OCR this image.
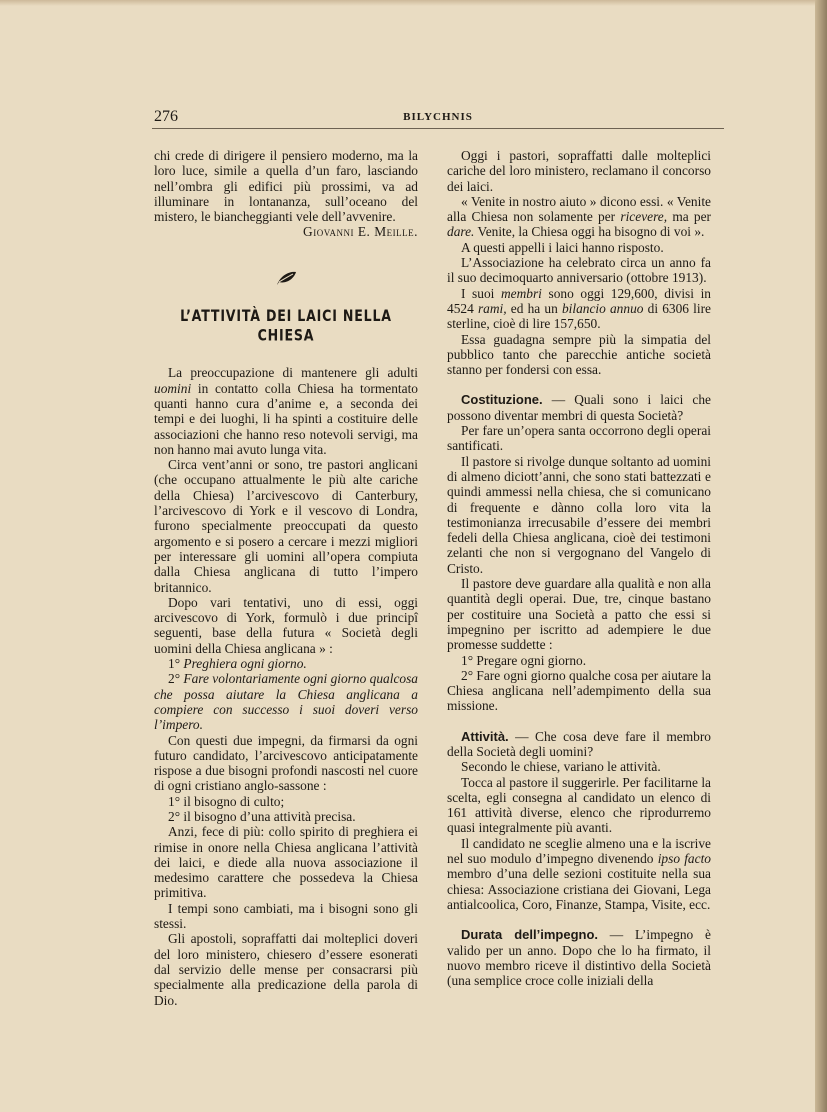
276	BILYCHNIS

chi crede di dirigere il pensiero moderno, ma la loro luce, simile a quella d’un faro, lasciando nell’ombra gli edifici più prossimi, va ad illuminare in lontananza, sull’oceano del mistero, le biancheggianti vele dell’avvenire.

Giovanni E. Meille.

L’ATTIVITÀ DEI LAICI NELLA CHIESA

La preoccupazione di mantenere gli adulti uomini in contatto colla Chiesa ha tormentato quanti hanno cura d’anime e, a seconda dei tempi e dei luoghi, li ha spinti a costituire delle associazioni che hanno reso notevoli servigi, ma non hanno mai avuto lunga vita.

Circa vent’anni or sono, tre pastori anglicani (che occupano attualmente le più alte cariche della Chiesa) l’arcivescovo di Canterbury, l’arcivescovo di York e il vescovo di Londra, furono specialmente preoccupati da questo argomento e si posero a cercare i mezzi migliori per interessare gli uomini all’opera compiuta dalla Chiesa anglicana di tutto l’impero britannico.

Dopo vari tentativi, uno di essi, oggi arcivescovo di York, formulò i due principî seguenti, base della futura « Società degli uomini della Chiesa anglicana » :

1° Preghiera ogni giorno.

2° Fare volontariamente ogni giorno qualcosa che possa aiutare la Chiesa anglicana a compiere con successo i suoi doveri verso l’impero.

Con questi due impegni, da firmarsi da ogni futuro candidato, l’arcivescovo anticipatamente rispose a due bisogni profondi nascosti nel cuore di ogni cristiano anglo-sassone :

1° il bisogno di culto;

2° il bisogno d’una attività precisa.

Anzi, fece di più: collo spirito di preghiera ei rimise in onore nella Chiesa anglicana l’attività dei laici, e diede alla nuova associazione il medesimo carattere che possedeva la Chiesa primitiva.

I tempi sono cambiati, ma i bisogni sono gli stessi.

Gli apostoli, sopraffatti dai molteplici doveri del loro ministero, chiesero d’essere esonerati dal servizio delle mense per consacrarsi più specialmente alla predicazione della parola di Dio.

Oggi i pastori, sopraffatti dalle molteplici cariche del loro ministero, reclamano il concorso dei laici.

« Venite in nostro aiuto » dicono essi. « Venite alla Chiesa non solamente per ricevere, ma per dare. Venite, la Chiesa oggi ha bisogno di voi ».

A questi appelli i laici hanno risposto.

L’Associazione ha celebrato circa un anno fa il suo decimoquarto anniversario (ottobre 1913).

I suoi membri sono oggi 129,600, divisi in 4524 rami, ed ha un bilancio annuo di 6306 lire sterline, cioè di lire 157,650.

Essa guadagna sempre più la simpatia del pubblico tanto che parecchie antiche società stanno per fondersi con essa.

Costituzione. — Quali sono i laici che possono diventar membri di questa Società?

Per fare un’opera santa occorrono degli operai santificati.

Il pastore si rivolge dunque soltanto ad uomini di almeno diciott’anni, che sono stati battezzati e quindi ammessi nella chiesa, che si comunicano di frequente e dànno colla loro vita la testimonianza irrecusabile d’essere dei membri fedeli della Chiesa anglicana, cioè dei testimoni zelanti che non si vergognano del Vangelo di Cristo.

Il pastore deve guardare alla qualità e non alla quantità degli operai. Due, tre, cinque bastano per costituire una Società a patto che essi si impegnino per iscritto ad adempiere le due promesse suddette :

1° Pregare ogni giorno.

2° Fare ogni giorno qualche cosa per aiutare la Chiesa anglicana nell’adempimento della sua missione.

Attività. — Che cosa deve fare il membro della Società degli uomini?

Secondo le chiese, variano le attività.

Tocca al pastore il suggerirle. Per facilitarne la scelta, egli consegna al candidato un elenco di 161 attività diverse, elenco che riprodurremo quasi integralmente più avanti.

Il candidato ne sceglie almeno una e la iscrive nel suo modulo d’impegno divenendo ipso facto membro d’una delle sezioni costituite nella sua chiesa: Associazione cristiana dei Giovani, Lega antialcoolica, Coro, Finanze, Stampa, Visite, ecc.

Durata dell’impegno. — L’impegno è valido per un anno. Dopo che lo ha firmato, il nuovo membro riceve il distintivo della Società (una semplice croce colle iniziali della
